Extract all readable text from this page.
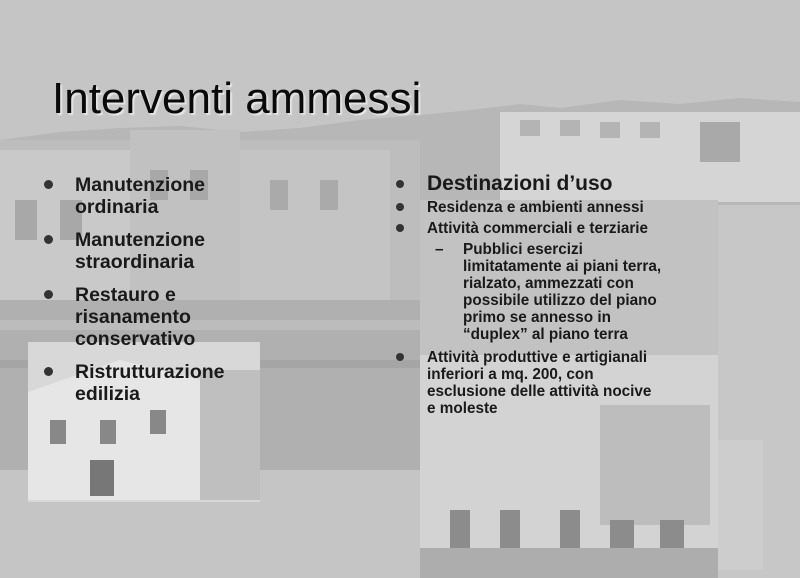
Interventi ammessi
Manutenzione ordinaria
Manutenzione straordinaria
Restauro e risanamento conservativo
Ristrutturazione edilizia
Destinazioni d’uso
Residenza e ambienti annessi
Attività commerciali e terziarie
– Pubblici esercizi limitatamente ai piani terra, rialzato, ammezzati con possibile utilizzo del piano primo se annesso in “duplex” al piano terra
Attività produttive e artigianali inferiori a mq. 200, con esclusione delle attività nocive e moleste
